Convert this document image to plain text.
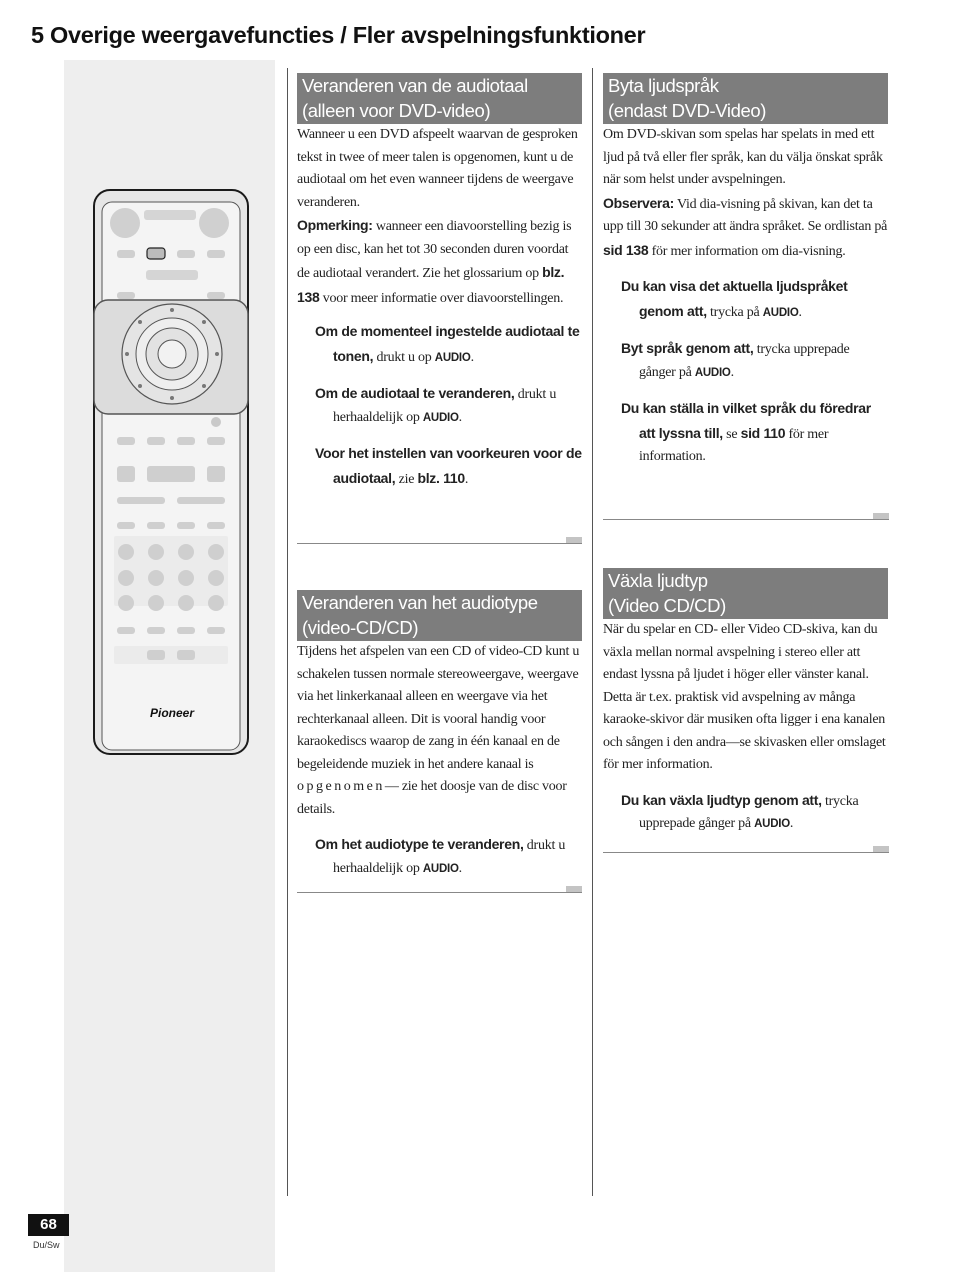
5 Overige weergavefuncties / Fler avspelningsfunktioner
Pioneer
Veranderen van de audiotaal
(alleen voor DVD-video)

Wanneer u een DVD afspeelt waarvan de gesproken tekst in twee of meer talen is opgenomen, kunt u de audiotaal om het even wanneer tijdens de weergave veranderen.

Opmerking: wanneer een diavoorstelling bezig is op een disc, kan het tot 30 seconden duren voordat de audiotaal verandert. Zie het glossarium op blz. 138 voor meer informatie over diavoorstellingen.

Om de momenteel ingestelde audiotaal te tonen, drukt u op AUDIO.

Om de audiotaal te veranderen, drukt u herhaaldelijk op AUDIO.

Voor het instellen van voorkeuren voor de audiotaal, zie blz. 110.

Veranderen van het audiotype
(video-CD/CD)

Tijdens het afspelen van een CD of video-CD kunt u schakelen tussen normale stereoweergave, weergave via het linkerkanaal alleen en weergave via het rechterkanaal alleen. Dit is vooral handig voor karaokediscs waarop de zang in één kanaal en de begeleidende muziek in het andere kanaal is opgenomen— zie het doosje van de disc voor details.

Om het audiotype te veranderen, drukt u herhaaldelijk op AUDIO.

Byta ljudspråk
(endast DVD-Video)

Om DVD-skivan som spelas har spelats in med ett ljud på två eller fler språk, kan du välja önskat språk när som helst under avspelningen.

Observera: Vid dia-visning på skivan, kan det ta upp till 30 sekunder att ändra språket. Se ordlistan på sid 138 för mer information om dia-visning.

Du kan visa det aktuella ljudspråket genom att, trycka på AUDIO.

Byt språk genom att, trycka upprepade gånger på AUDIO.

Du kan ställa in vilket språk du föredrar att lyssna till, se sid 110 för mer information.

Växla ljudtyp
(Video CD/CD)

När du spelar en CD- eller Video CD-skiva, kan du växla mellan normal avspelning i stereo eller att endast lyssna på ljudet i höger eller vänster kanal. Detta är t.ex. praktisk vid avspelning av många karaoke-skivor där musiken ofta ligger i ena kanalen och sången i den andra—se skivasken eller omslaget för mer information.

Du kan växla ljudtyp genom att, trycka upprepade gånger på AUDIO.

68
Du/Sw
